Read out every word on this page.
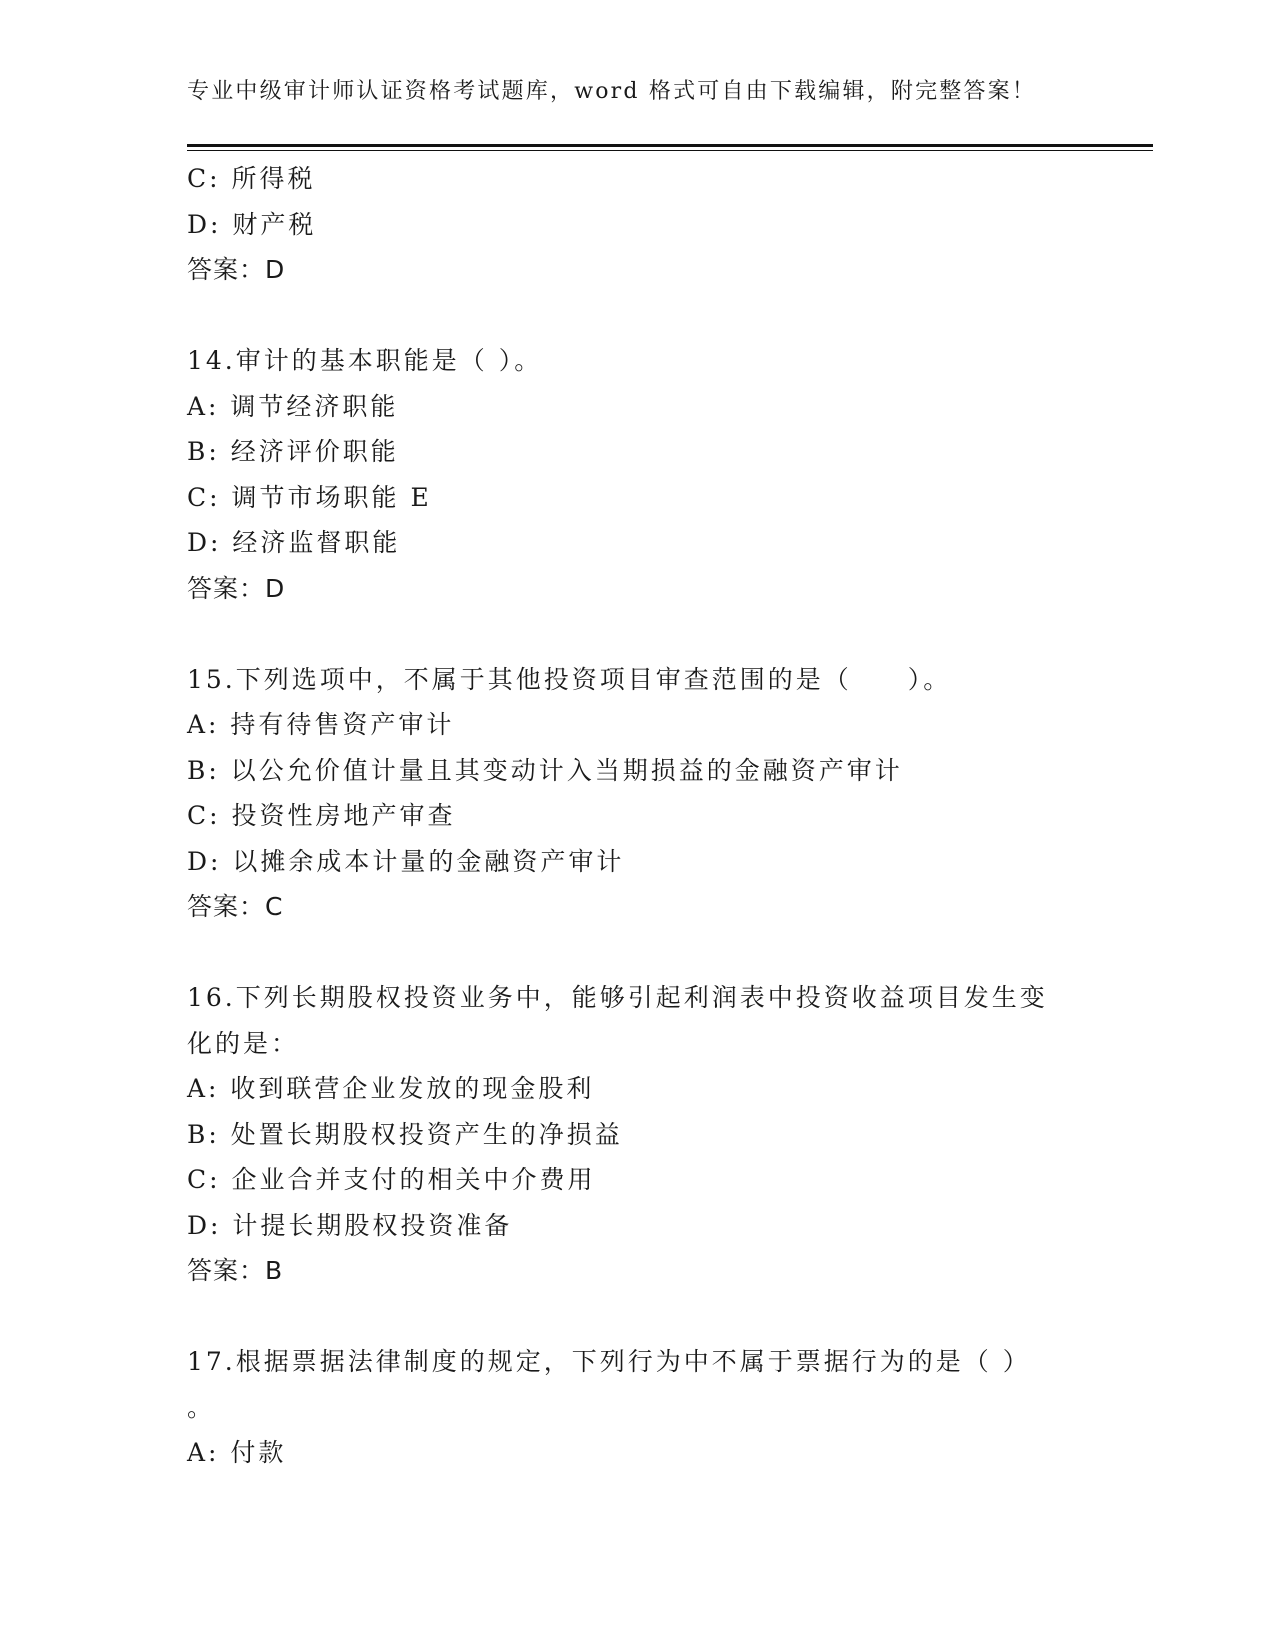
专业中级审计师认证资格考试题库，word 格式可自由下载编辑，附完整答案！
C: 所得税
D: 财产税
答案：D
14.审计的基本职能是（ ）。
A: 调节经济职能
B: 经济评价职能
C: 调节市场职能 E
D: 经济监督职能
答案：D
15.下列选项中，不属于其他投资项目审查范围的是（　　）。
A: 持有待售资产审计
B: 以公允价值计量且其变动计入当期损益的金融资产审计
C: 投资性房地产审查
D: 以摊余成本计量的金融资产审计
答案：C
16.下列长期股权投资业务中，能够引起利润表中投资收益项目发生变
化的是：
A: 收到联营企业发放的现金股利
B: 处置长期股权投资产生的净损益
C: 企业合并支付的相关中介费用
D: 计提长期股权投资准备
答案：B
17.根据票据法律制度的规定，下列行为中不属于票据行为的是（ ）
。
A: 付款
